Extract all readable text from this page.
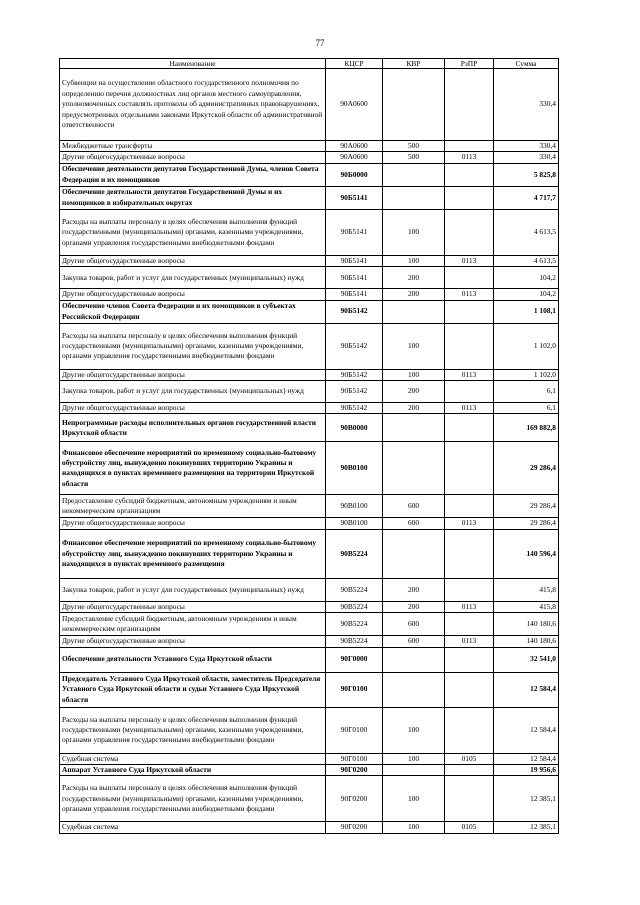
77
Наименование	КЦСР	КВР	РзПР	Сумма
Субвенции на осуществление областного государственного полномочия по определению перечня должностных лиц органов местного самоуправления, уполномоченных составлять протоколы об административных правонарушениях, предусмотренных отдельными законами Иркутской области об административной ответственности	90А0600			330,4
Межбюджетные трансферты	90А0600	500		330,4
Другие общегосударственные вопросы	90А0600	500	0113	330,4
Обеспечение деятельности депутатов Государственной Думы, членов Совета Федерации и их помощников	90Б0000			5 825,8
Обеспечение деятельности депутатов Государственной Думы и их помощников в избирательных округах	90Б5141			4 717,7
Расходы на выплаты персоналу в целях обеспечения выполнения функций государственными (муниципальными) органами, казенными учреждениями, органами управления государственными внебюджетными фондами	90Б5141	100		4 613,5
Другие общегосударственные вопросы	90Б5141	100	0113	4 613,5
Закупка товаров, работ и услуг для государственных (муниципальных) нужд	90Б5141	200		104,2
Другие общегосударственные вопросы	90Б5141	200	0113	104,2
Обеспечение членов Совета Федерации и их помощников в субъектах Российской Федерации	90Б5142			1 108,1
Расходы на выплаты персоналу в целях обеспечения выполнения функций государственными (муниципальными) органами, казенными учреждениями, органами управления государственными внебюджетными фондами	90Б5142	100		1 102,0
Другие общегосударственные вопросы	90Б5142	100	0113	1 102,0
Закупка товаров, работ и услуг для государственных (муниципальных) нужд	90Б5142	200		6,1
Другие общегосударственные вопросы	90Б5142	200	0113	6,1
Непрограммные расходы исполнительных органов государственной власти Иркутской области	90В0000			169 882,8
Финансовое обеспечение мероприятий по временному социально-бытовому обустройству лиц, вынужденно покинувших территорию Украины и находящихся в пунктах временного размещения на территории Иркутской области	90В0100			29 286,4
Предоставление субсидий бюджетным, автономным учреждениям и иным некоммерческим организациям	90В0100	600		29 286,4
Другие общегосударственные вопросы	90В0100	600	0113	29 286,4
Финансовое обеспечение мероприятий по временному социально-бытовому обустройству лиц, вынужденно покинувших территорию Украины и находящихся в пунктах временного размещения	90В5224			140 596,4
Закупка товаров, работ и услуг для государственных (муниципальных) нужд	90В5224	200		415,8
Другие общегосударственные вопросы	90В5224	200	0113	415,8
Предоставление субсидий бюджетным, автономным учреждениям и иным некоммерческим организациям	90В5224	600		140 180,6
Другие общегосударственные вопросы	90В5224	600	0113	140 180,6
Обеспечение деятельности Уставного Суда Иркутской области	90Г0000			32 541,0
Председатель Уставного Суда Иркутской области, заместитель Председателя Уставного Суда Иркутской области и судьи Уставного Суда Иркутской области	90Г0100			12 584,4
Расходы на выплаты персоналу в целях обеспечения выполнения функций государственными (муниципальными) органами, казенными учреждениями, органами управления государственными внебюджетными фондами	90Г0100	100		12 584,4
Судебная система	90Г0100	100	0105	12 584,4
Аппарат Уставного Суда Иркутской области	90Г0200			19 956,6
Расходы на выплаты персоналу в целях обеспечения выполнения функций государственными (муниципальными) органами, казенными учреждениями, органами управления государственными внебюджетными фондами	90Г0200	100		12 385,1
Судебная система	90Г0200	100	0105	12 385,1
